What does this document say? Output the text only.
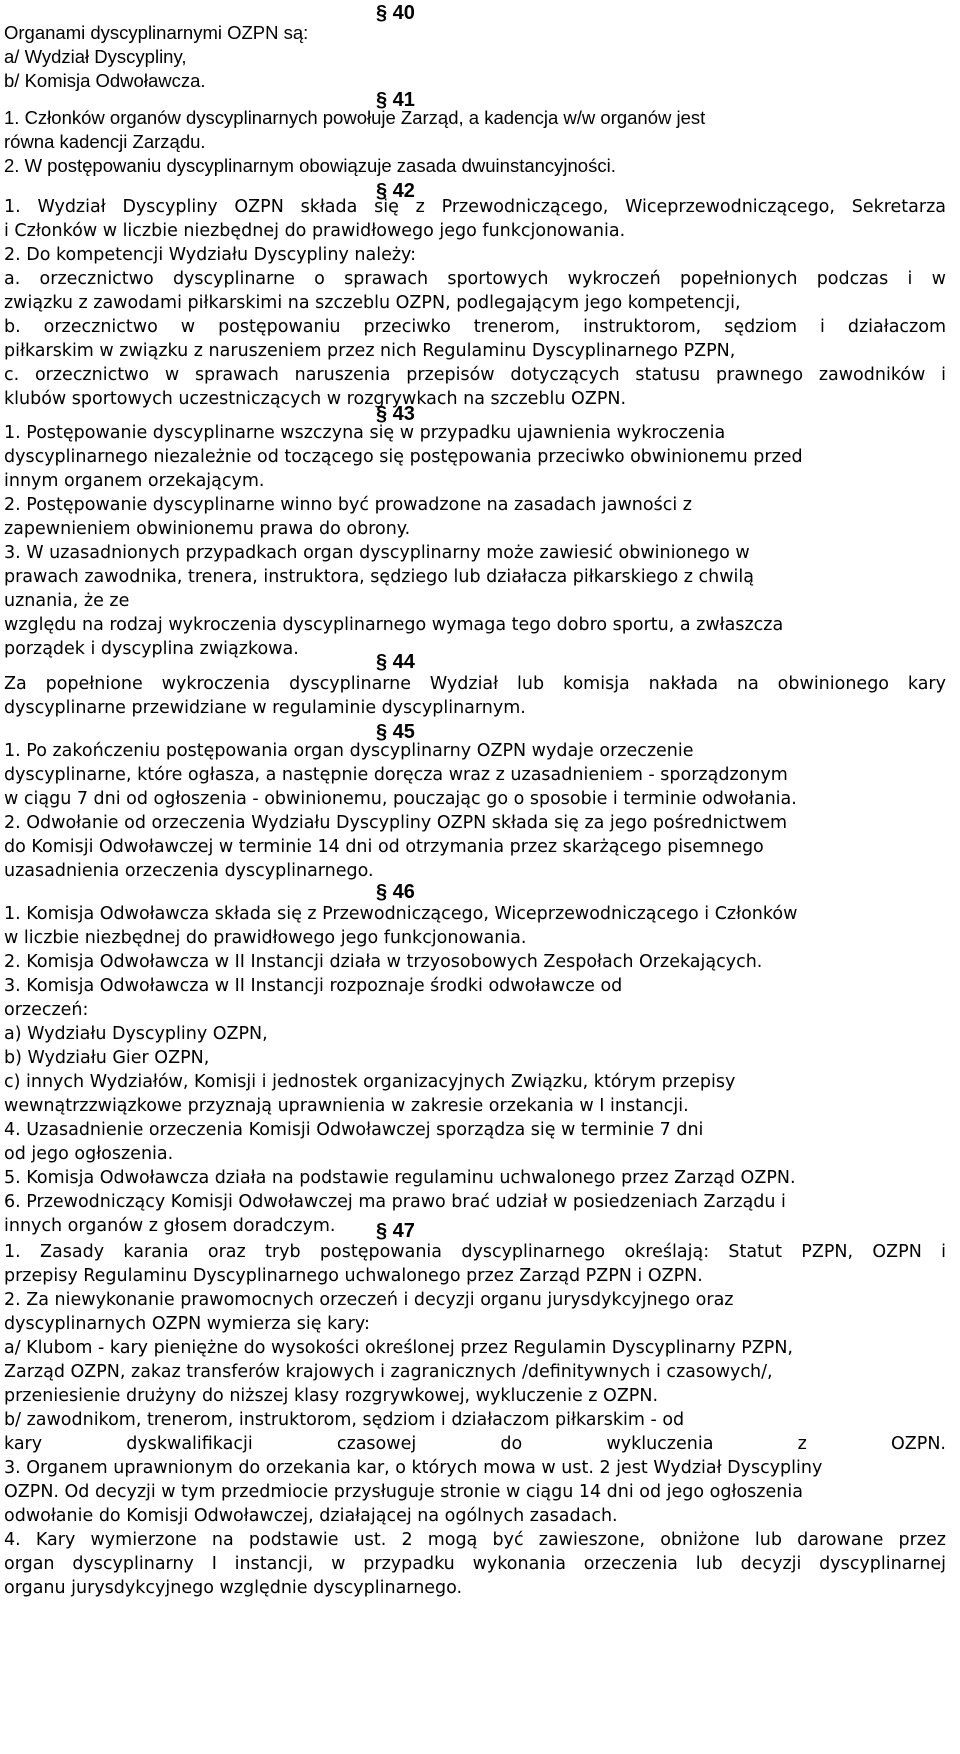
§ 40
Organami dyscyplinarnymi OZPN są:
a/ Wydział Dyscypliny,
b/ Komisja Odwoławcza.
§ 41
1. Członków organów dyscyplinarnych powołuje Zarząd, a kadencja w/w organów jest
równa kadencji Zarządu.
2. W postępowaniu dyscyplinarnym obowiązuje zasada dwuinstancyjności.
§ 42
1. Wydział Dyscypliny OZPN składa się z Przewodniczącego, Wiceprzewodniczącego, Sekretarza
i Członków w liczbie niezbędnej do prawidłowego jego funkcjonowania.
2. Do kompetencji Wydziału Dyscypliny należy:
a. orzecznictwo dyscyplinarne o sprawach sportowych wykroczeń popełnionych podczas i w
związku z zawodami piłkarskimi na szczeblu OZPN, podlegającym jego kompetencji,
b. orzecznictwo w postępowaniu przeciwko trenerom, instruktorom, sędziom i działaczom
piłkarskim w związku z naruszeniem przez nich Regulaminu Dyscyplinarnego PZPN,
c. orzecznictwo w sprawach naruszenia przepisów dotyczących statusu prawnego zawodników i
klubów sportowych uczestniczących w rozgrywkach na szczeblu OZPN.
§ 43
1. Postępowanie dyscyplinarne wszczyna się w przypadku ujawnienia wykroczenia
dyscyplinarnego niezależnie od toczącego się postępowania przeciwko obwinionemu przed
innym organem orzekającym.
2. Postępowanie dyscyplinarne winno być prowadzone na zasadach jawności z
zapewnieniem obwinionemu prawa do obrony.
3. W uzasadnionych przypadkach organ dyscyplinarny może zawiesić obwinionego w
prawach zawodnika, trenera, instruktora, sędziego lub działacza piłkarskiego z chwilą
uznania, że ze
względu na rodzaj wykroczenia dyscyplinarnego wymaga tego dobro sportu, a zwłaszcza
porządek i dyscyplina związkowa.
§ 44
Za popełnione wykroczenia dyscyplinarne Wydział lub komisja nakłada na obwinionego kary
dyscyplinarne przewidziane w regulaminie dyscyplinarnym.
§ 45
1. Po zakończeniu postępowania organ dyscyplinarny OZPN wydaje orzeczenie
dyscyplinarne, które ogłasza, a następnie doręcza wraz z uzasadnieniem - sporządzonym
w ciągu 7 dni od ogłoszenia - obwinionemu, pouczając go o sposobie i terminie odwołania.
2. Odwołanie od orzeczenia Wydziału Dyscypliny OZPN składa się za jego pośrednictwem
do Komisji Odwoławczej w terminie 14 dni od otrzymania przez skarżącego pisemnego
uzasadnienia orzeczenia dyscyplinarnego.
§ 46
1. Komisja Odwoławcza składa się z Przewodniczącego, Wiceprzewodniczącego i Członków
w liczbie niezbędnej do prawidłowego jego funkcjonowania.
2. Komisja Odwoławcza w II Instancji działa w trzyosobowych Zespołach Orzekających.
3. Komisja Odwoławcza w II Instancji rozpoznaje środki odwoławcze od
orzeczeń:
a) Wydziału Dyscypliny OZPN,
b) Wydziału Gier OZPN,
c) innych Wydziałów, Komisji i jednostek organizacyjnych Związku, którym przepisy
wewnątrzzwiązkowe przyznają uprawnienia w zakresie orzekania w I instancji.
4. Uzasadnienie orzeczenia Komisji Odwoławczej sporządza się w terminie 7 dni
od jego ogłoszenia.
5. Komisja Odwoławcza działa na podstawie regulaminu uchwalonego przez Zarząd OZPN.
6. Przewodniczący Komisji Odwoławczej ma prawo brać udział w posiedzeniach Zarządu i
innych organów z głosem doradczym. § 47
1. Zasady karania oraz tryb postępowania dyscyplinarnego określają: Statut PZPN, OZPN i
przepisy Regulaminu Dyscyplinarnego uchwalonego przez Zarząd PZPN i OZPN.
2. Za niewykonanie prawomocnych orzeczeń i decyzji organu jurysdykcyjnego oraz
dyscyplinarnych OZPN wymierza się kary:
a/ Klubom - kary pieniężne do wysokości określonej przez Regulamin Dyscyplinarny PZPN,
Zarząd OZPN, zakaz transferów krajowych i zagranicznych /definitywnych i czasowych/,
przeniesienie drużyny do niższej klasy rozgrywkowej, wykluczenie z OZPN.
b/ zawodnikom, trenerom, instruktorom, sędziom i działaczom piłkarskim - od
kary dyskwalifikacji czasowej do wykluczenia z OZPN.
3. Organem uprawnionym do orzekania kar, o których mowa w ust. 2 jest Wydział Dyscypliny
OZPN. Od decyzji w tym przedmiocie przysługuje stronie w ciągu 14 dni od jego ogłoszenia
odwołanie do Komisji Odwoławczej, działającej na ogólnych zasadach.
4. Kary wymierzone na podstawie ust. 2 mogą być zawieszone, obniżone lub darowane przez
organ dyscyplinarny I instancji, w przypadku wykonania orzeczenia lub decyzji dyscyplinarnej
organu jurysdykcyjnego względnie dyscyplinarnego.
